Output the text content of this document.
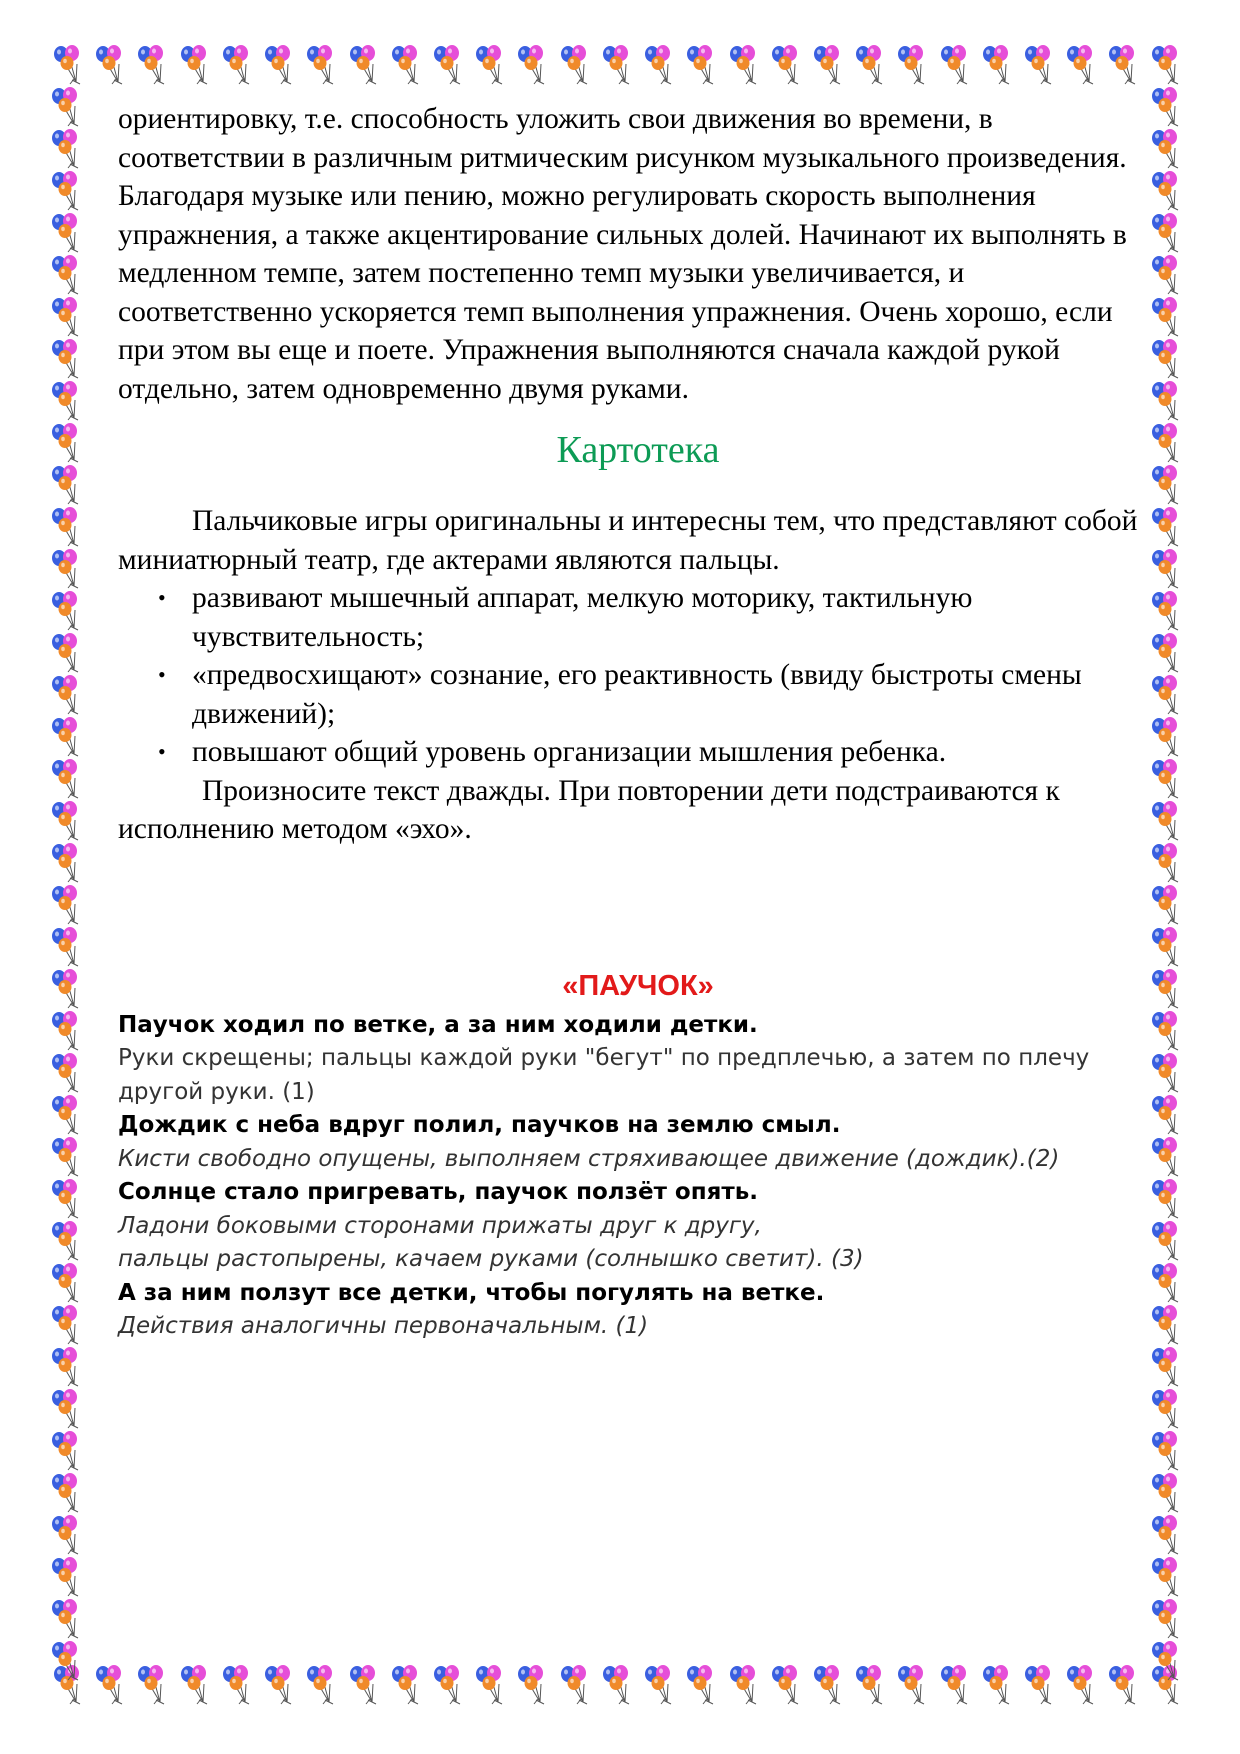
ориентировку, т.е. способность уложить свои движения во времени, в соответствии в различным ритмическим рисунком музыкального произведения.

Благодаря музыке или пению, можно регулировать скорость выполнения упражнения, а также акцентирование сильных долей. Начинают их выполнять в медленном темпе, затем постепенно темп музыки увеличивается, и соответственно ускоряется темп выполнения упражнения. Очень хорошо, если при этом вы еще и поете. Упражнения выполняются сначала каждой рукой отдельно, затем одновременно двумя руками.

Картотека

Пальчиковые игры оригинальны и интересны тем, что представляют собой миниатюрный театр, где актерами являются пальцы.

• развивают мышечный аппарат, мелкую моторику, тактильную чувствительность;
• «предвосхищают» сознание, его реактивность (ввиду быстроты смены движений);
• повышают общий уровень организации мышления ребенка.

Произносите текст дважды. При повторении дети подстраиваются к исполнению методом «эхо».

«ПАУЧОК»

Паучок ходил по ветке, а за ним ходили детки.

Руки скрещены; пальцы каждой руки "бегут" по предплечью, а затем по плечу другой руки. (1)

Дождик с неба вдруг полил, паучков на землю смыл.

Кисти свободно опущены, выполняем стряхивающее движение (дождик).(2)

Солнце стало пригревать, паучок ползёт опять.

Ладони боковыми сторонами прижаты друг к другу,

пальцы растопырены, качаем руками (солнышко светит). (3)

А за ним ползут все детки, чтобы погулять на ветке.

Действия аналогичны первоначальным. (1)
